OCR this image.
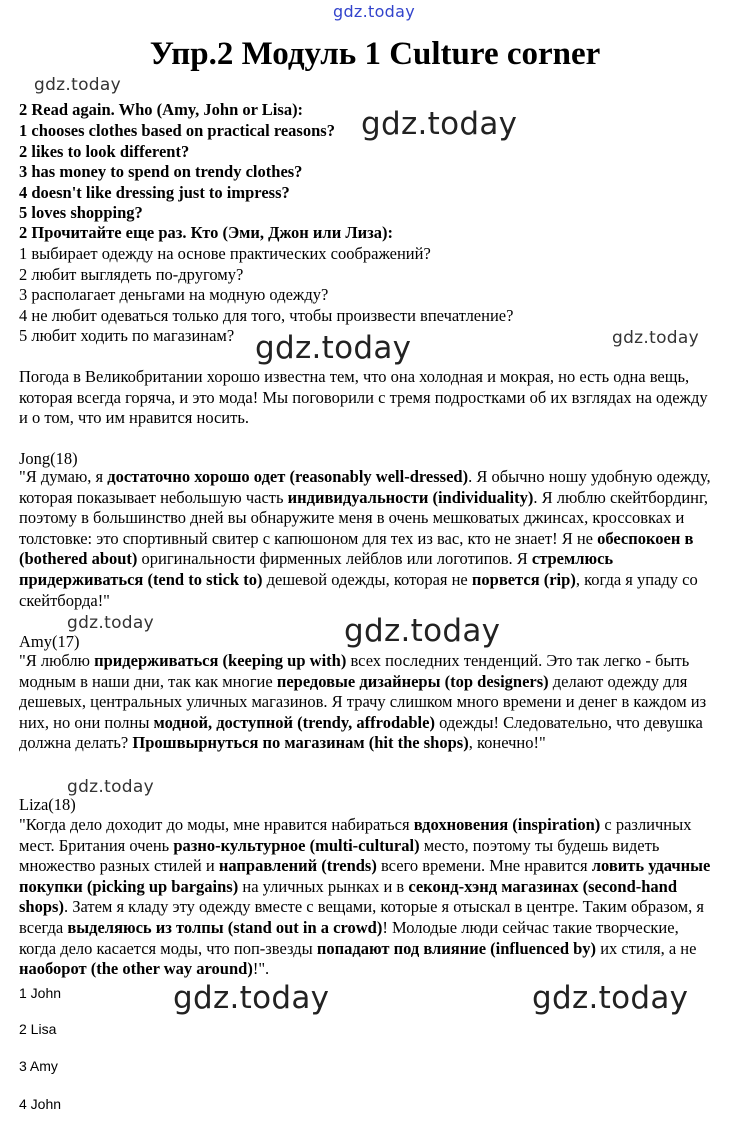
gdz.today
gdz.today
gdz.today
gdz.today	gdz.today
gdz.today	gdz.today
gdz.today
gdz.today	gdz.today
Упр.2 Модуль 1 Culture corner
2 Read again. Who (Amy, John or Lisa):
1 chooses clothes based on practical reasons?
2 likes to look different?
3 has money to spend on trendy clothes?
4 doesn't like dressing just to impress?
5 loves shopping?
2 Прочитайте еще раз. Кто (Эми, Джон или Лиза):
1 выбирает одежду на основе практических соображений?
2 любит выглядеть по-другому?
3 располагает деньгами на модную одежду?
4 не любит одеваться только для того, чтобы произвести впечатление?
5 любит ходить по магазинам?
Погода в Великобритании хорошо известна тем, что она холодная и мокрая, но есть одна вещь, которая всегда горяча, и это мода! Мы поговорили с тремя подростками об их взглядах на одежду и о том, что им нравится носить.
Jong(18)
"Я думаю, я достаточно хорошо одет (reasonably well-dressed). Я обычно ношу удобную одежду, которая показывает небольшую часть индивидуальности (individuality). Я люблю скейтбординг, поэтому в большинство дней вы обнаружите меня в очень мешковатых джинсах, кроссовках и толстовке: это спортивный свитер с капюшоном для тех из вас, кто не знает! Я не обеспокоен в (bothered about) оригинальности фирменных лейблов или логотипов. Я стремлюсь придерживаться (tend to stick to) дешевой одежды, которая не порвется (rip), когда я упаду со скейтборда!"
Amy(17)
"Я люблю придерживаться (keeping up with) всех последних тенденций. Это так легко - быть модным в наши дни, так как многие передовые дизайнеры (top designers) делают одежду для дешевых, центральных уличных магазинов. Я трачу слишком много времени и денег в каждом из них, но они полны модной, доступной (trendy, affrodable) одежды! Следовательно, что девушка должна делать? Прошвырнуться по магазинам (hit the shops), конечно!"
Liza(18)
"Когда дело доходит до моды, мне нравится набираться вдохновения (inspiration) с различных мест. Британия очень разно-культурное (multi-cultural) место, поэтому ты будешь видеть множество разных стилей и направлений (trends) всего времени. Мне нравится ловить удачные покупки (picking up bargains) на уличных рынках и в секонд-хэнд магазинах (second-hand shops). Затем я кладу эту одежду вместе с вещами, которые я отыскал в центре. Таким образом, я всегда выделяюсь из толпы (stand out in a crowd)! Молодые люди сейчас такие творческие, когда дело касается моды, что поп-звезды попадают под влияние (influenced by) их стиля, а не наоборот (the other way around)!".
1 John
2 Lisa
3 Amy
4 John
